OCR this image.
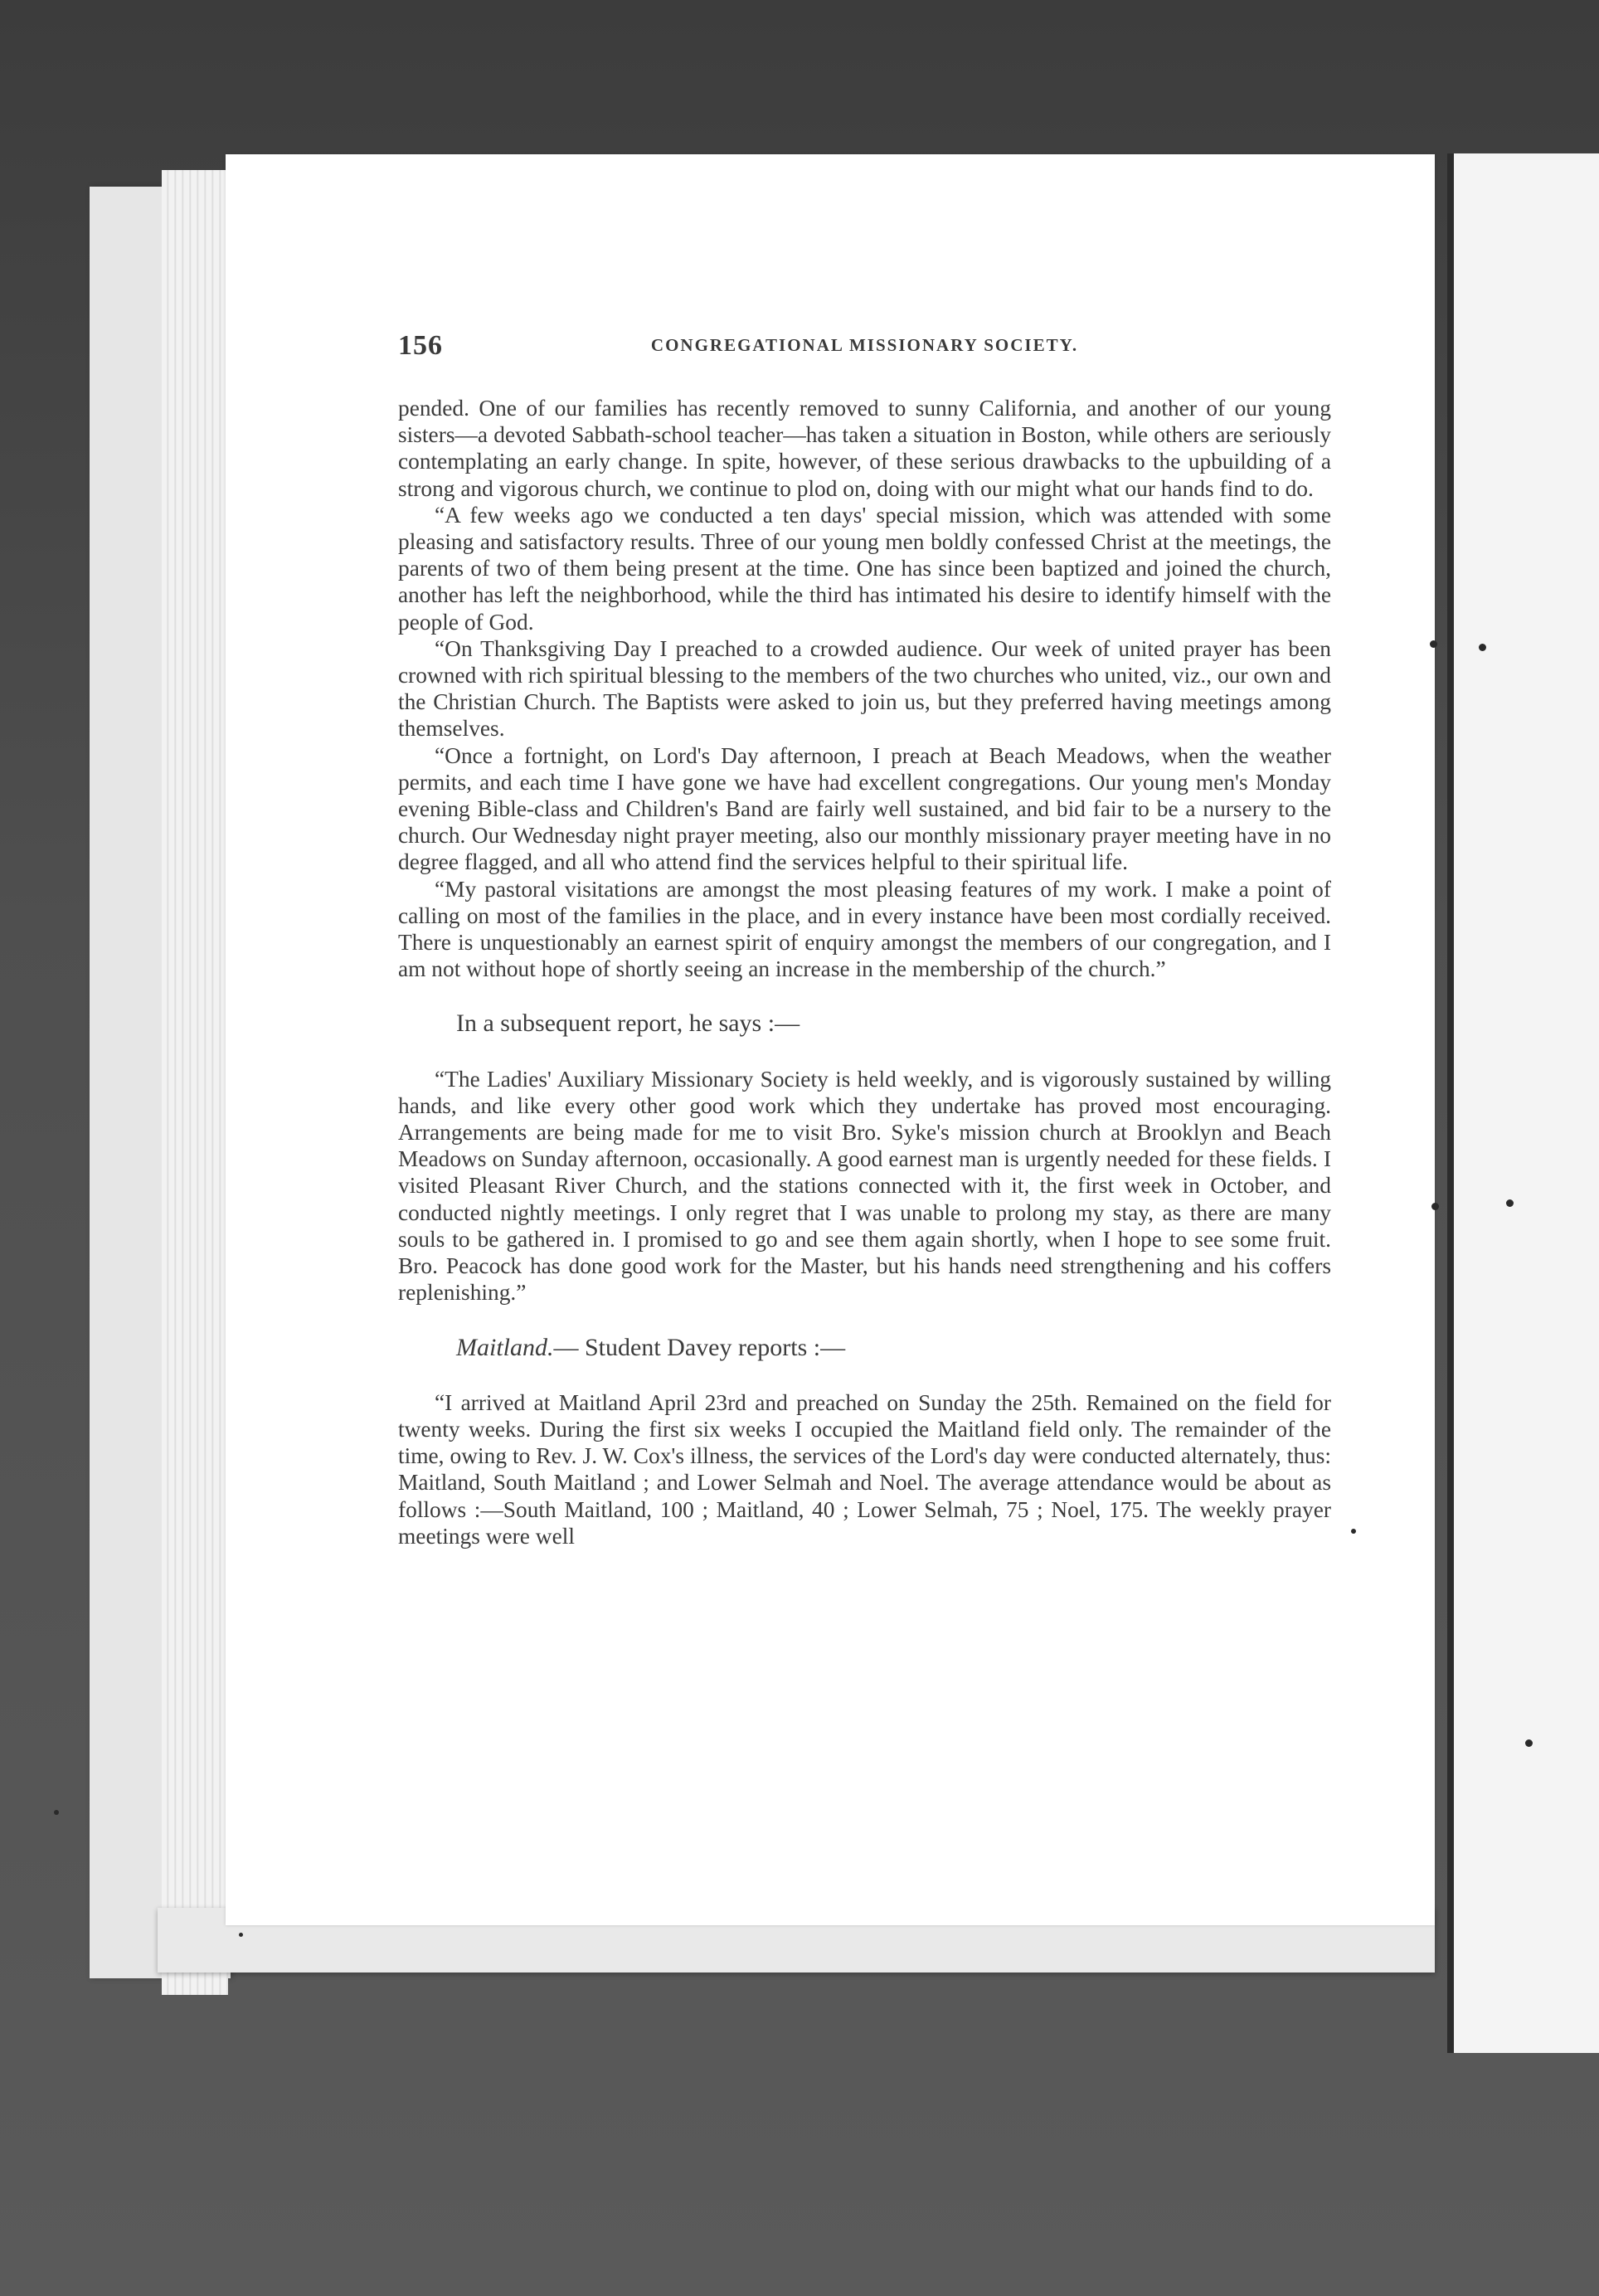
156	CONGREGATIONAL MISSIONARY SOCIETY.

pended. One of our families has recently removed to sunny California, and another of our young sisters—a devoted Sabbath-school teacher—has taken a situation in Boston, while others are seriously contemplating an early change. In spite, however, of these serious drawbacks to the upbuilding of a strong and vigorous church, we continue to plod on, doing with our might what our hands find to do.

“A few weeks ago we conducted a ten days' special mission, which was attended with some pleasing and satisfactory results. Three of our young men boldly confessed Christ at the meetings, the parents of two of them being present at the time. One has since been baptized and joined the church, another has left the neighborhood, while the third has intimated his desire to identify himself with the people of God.

“On Thanksgiving Day I preached to a crowded audience. Our week of united prayer has been crowned with rich spiritual blessing to the members of the two churches who united, viz., our own and the Christian Church. The Baptists were asked to join us, but they preferred having meetings among themselves.

“Once a fortnight, on Lord's Day afternoon, I preach at Beach Meadows, when the weather permits, and each time I have gone we have had excellent congregations. Our young men's Monday evening Bible-class and Children's Band are fairly well sustained, and bid fair to be a nursery to the church. Our Wednesday night prayer meeting, also our monthly missionary prayer meeting have in no degree flagged, and all who attend find the services helpful to their spiritual life.

“My pastoral visitations are amongst the most pleasing features of my work. I make a point of calling on most of the families in the place, and in every instance have been most cordially received. There is unquestionably an earnest spirit of enquiry amongst the members of our congregation, and I am not without hope of shortly seeing an increase in the membership of the church.”

In a subsequent report, he says :—

“The Ladies' Auxiliary Missionary Society is held weekly, and is vigorously sustained by willing hands, and like every other good work which they undertake has proved most encouraging. Arrangements are being made for me to visit Bro. Syke's mission church at Brooklyn and Beach Meadows on Sunday afternoon, occasionally. A good earnest man is urgently needed for these fields. I visited Pleasant River Church, and the stations connected with it, the first week in October, and conducted nightly meetings. I only regret that I was unable to prolong my stay, as there are many souls to be gathered in. I promised to go and see them again shortly, when I hope to see some fruit. Bro. Peacock has done good work for the Master, but his hands need strengthening and his coffers replenishing.”

Maitland.— Student Davey reports :—

“I arrived at Maitland April 23rd and preached on Sunday the 25th. Remained on the field for twenty weeks. During the first six weeks I occupied the Maitland field only. The remainder of the time, owing to Rev. J. W. Cox's illness, the services of the Lord's day were conducted alternately, thus: Maitland, South Maitland ; and Lower Selmah and Noel. The average attendance would be about as follows :—South Maitland, 100 ; Maitland, 40 ; Lower Selmah, 75 ; Noel, 175. The weekly prayer meetings were well
